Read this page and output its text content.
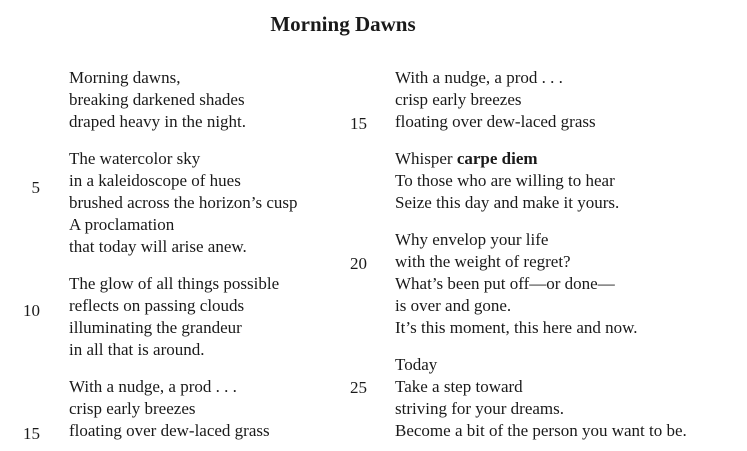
Morning Dawns
Morning dawns,
breaking darkened shades
draped heavy in the night.
The watercolor sky
in a kaleidoscope of hues
brushed across the horizon’s cusp
A proclamation
that today will arise anew.
The glow of all things possible
reflects on passing clouds
illuminating the grandeur
in all that is around.
With a nudge, a prod . . .
crisp early breezes
floating over dew-laced grass
5
10
15
With a nudge, a prod . . .
crisp early breezes
floating over dew-laced grass
Whisper carpe diem
To those who are willing to hear
Seize this day and make it yours.
Why envelop your life
with the weight of regret?
What’s been put off—or done—
is over and gone.
It’s this moment, this here and now.
Today
Take a step toward
striving for your dreams.
Become a bit of the person you want to be.
15
20
25
